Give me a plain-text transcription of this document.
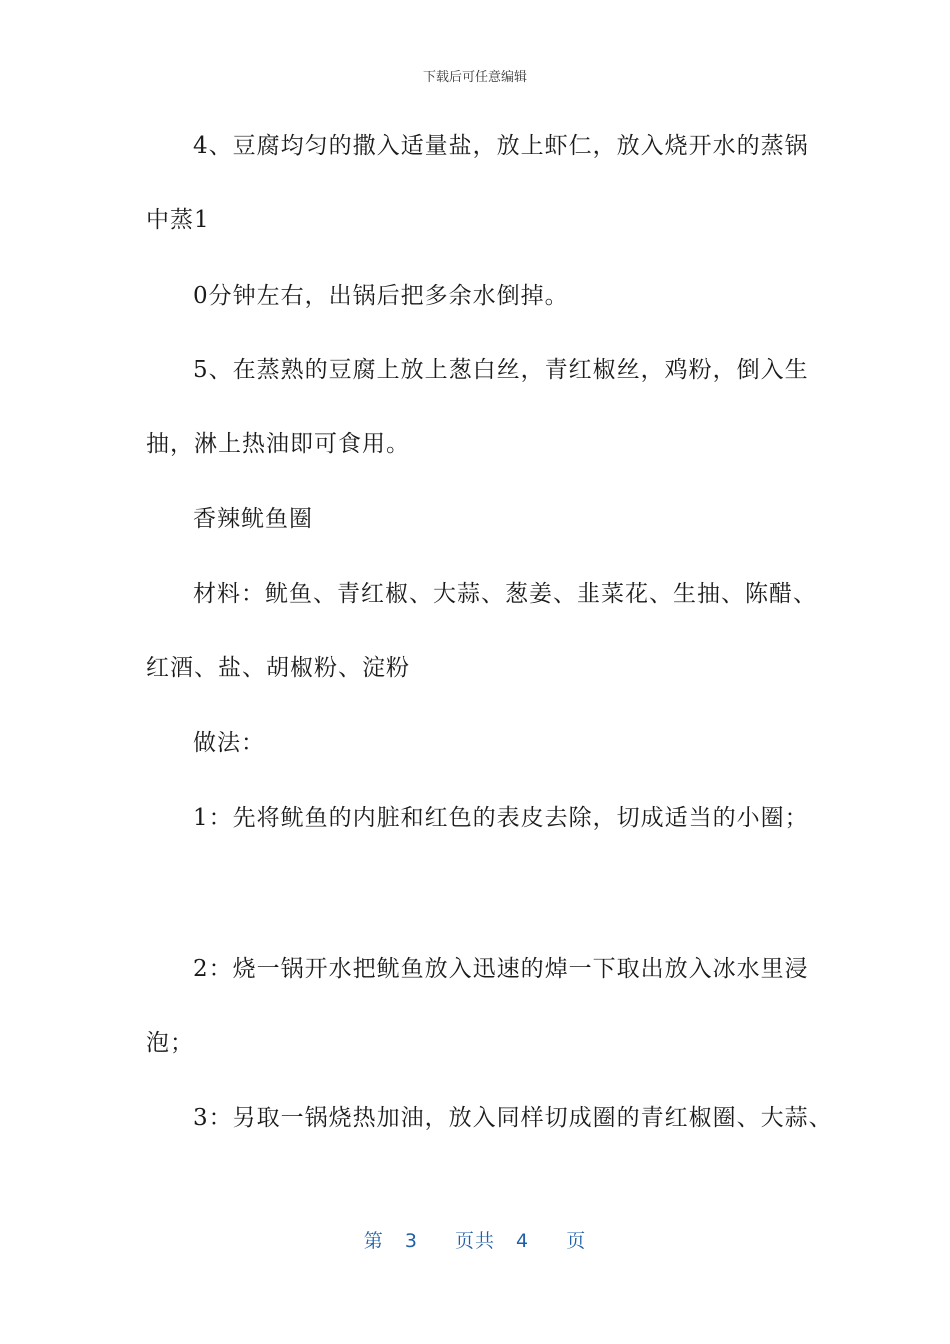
下载后可任意编辑
4、豆腐均匀的撒入适量盐，放上虾仁，放入烧开水的蒸锅
中蒸1
0分钟左右，出锅后把多余水倒掉。
5、在蒸熟的豆腐上放上葱白丝，青红椒丝，鸡粉，倒入生
抽，淋上热油即可食用。
香辣鱿鱼圈
材料：鱿鱼、青红椒、大蒜、葱姜、韭菜花、生抽、陈醋、
红酒、盐、胡椒粉、淀粉
做法：
1：先将鱿鱼的内脏和红色的表皮去除，切成适当的小圈；
2：烧一锅开水把鱿鱼放入迅速的焯一下取出放入冰水里浸
泡；
3：另取一锅烧热加油，放入同样切成圈的青红椒圈、大蒜、
第 3 页共 4 页
